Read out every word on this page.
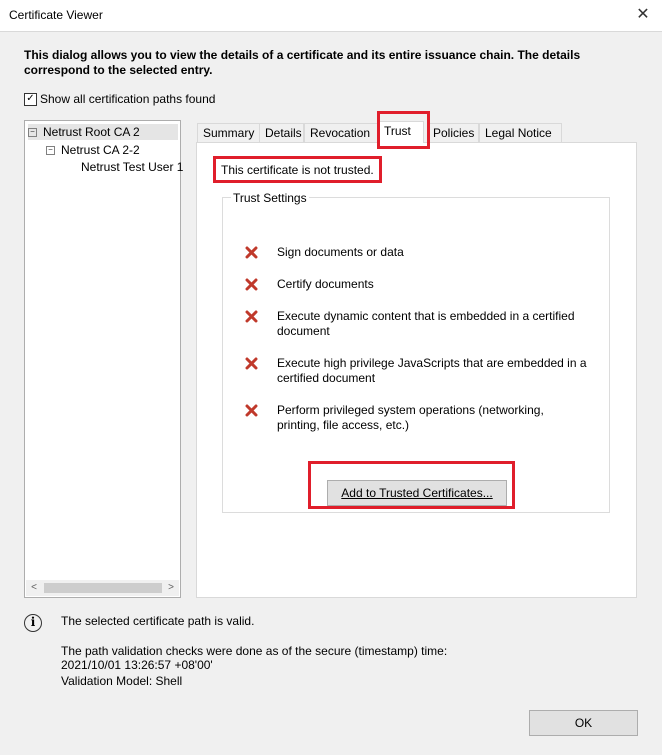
Certificate Viewer	✕
This dialog allows you to view the details of a certificate and its entire issuance chain. The details correspond to the selected entry.
✓ Show all certification paths found
− Netrust Root CA 2
− Netrust CA 2-2
Netrust Test User 1
<	>
Summary Details Revocation	Trust	Policies Legal Notice
This certificate is not trusted.
Trust Settings
Sign documents or data
Certify documents
Execute dynamic content that is embedded in a certified document
Execute high privilege JavaScripts that are embedded in a certified document
Perform privileged system operations (networking, printing, file access, etc.)
Add to Trusted Certificates...
i	The selected certificate path is valid.
The path validation checks were done as of the secure (timestamp) time:
2021/10/01 13:26:57 +08'00'
Validation Model: Shell
OK
